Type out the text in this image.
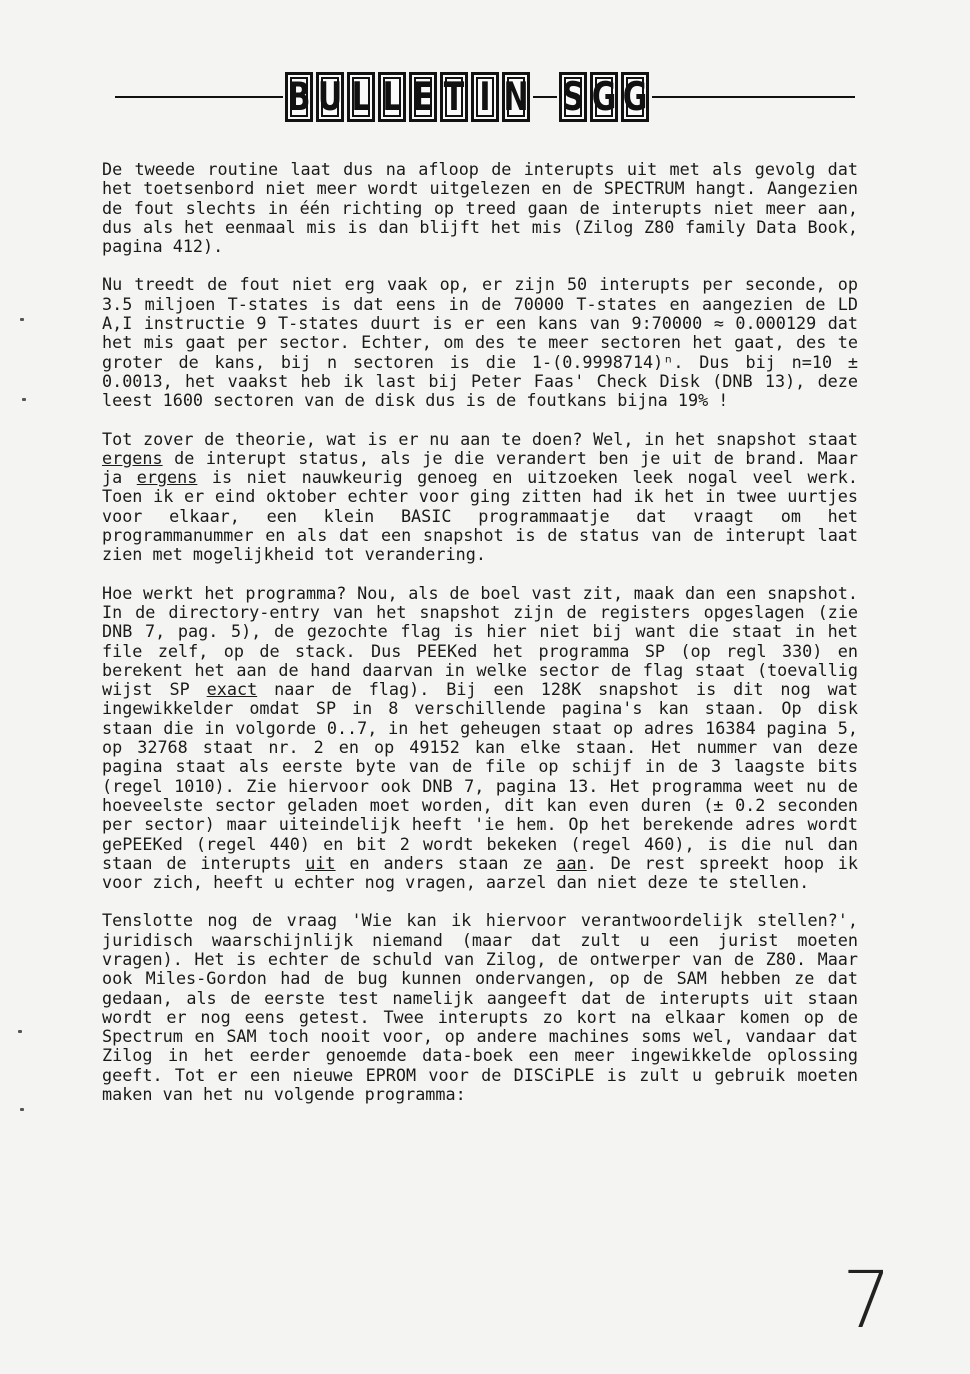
B U L L E T I N S G G

De tweede routine laat dus na afloop de interupts uit met als gevolg dat het toetsenbord niet meer wordt uitgelezen en de SPECTRUM hangt. Aangezien de fout slechts in één richting op treed gaan de interupts niet meer aan, dus als het eenmaal mis is dan blijft het mis (Zilog Z80 family Data Book, pagina 412).

Nu treedt de fout niet erg vaak op, er zijn 50 interupts per seconde, op 3.5 miljoen T-states is dat eens in de 70000 T-states en aangezien de LD A,I instructie 9 T-states duurt is er een kans van 9:70000 ≈ 0.000129 dat het mis gaat per sector. Echter, om des te meer sectoren het gaat, des te groter de kans, bij n sectoren is die 1-(0.9998714)ⁿ. Dus bij n=10 ± 0.0013, het vaakst heb ik last bij Peter Faas' Check Disk (DNB 13), deze leest 1600 sectoren van de disk dus is de foutkans bijna 19% !

Tot zover de theorie, wat is er nu aan te doen? Wel, in het snapshot staat ergens de interupt status, als je die verandert ben je uit de brand. Maar ja ergens is niet nauwkeurig genoeg en uitzoeken leek nogal veel werk. Toen ik er eind oktober echter voor ging zitten had ik het in twee uurtjes voor elkaar, een klein BASIC programmaatje dat vraagt om het programmanummer en als dat een snapshot is de status van de interupt laat zien met mogelijkheid tot verandering.

Hoe werkt het programma? Nou, als de boel vast zit, maak dan een snapshot. In de directory-entry van het snapshot zijn de registers opgeslagen (zie DNB 7, pag. 5), de gezochte flag is hier niet bij want die staat in het file zelf, op de stack. Dus PEEKed het programma SP (op regl 330) en berekent het aan de hand daarvan in welke sector de flag staat (toevallig wijst SP exact naar de flag). Bij een 128K snapshot is dit nog wat ingewikkelder omdat SP in 8 verschillende pagina's kan staan. Op disk staan die in volgorde 0..7, in het geheugen staat op adres 16384 pagina 5, op 32768 staat nr. 2 en op 49152 kan elke staan. Het nummer van deze pagina staat als eerste byte van de file op schijf in de 3 laagste bits (regel 1010). Zie hiervoor ook DNB 7, pagina 13. Het programma weet nu de hoeveelste sector geladen moet worden, dit kan even duren (± 0.2 seconden per sector) maar uiteindelijk heeft 'ie hem. Op het berekende adres wordt gePEEKed (regel 440) en bit 2 wordt bekeken (regel 460), is die nul dan staan de interupts uit en anders staan ze aan. De rest spreekt hoop ik voor zich, heeft u echter nog vragen, aarzel dan niet deze te stellen.

Tenslotte nog de vraag 'Wie kan ik hiervoor verantwoordelijk stellen?', juridisch waarschijnlijk niemand (maar dat zult u een jurist moeten vragen). Het is echter de schuld van Zilog, de ontwerper van de Z80. Maar ook Miles-Gordon had de bug kunnen ondervangen, op de SAM hebben ze dat gedaan, als de eerste test namelijk aangeeft dat de interupts uit staan wordt er nog eens getest. Twee interupts zo kort na elkaar komen op de Spectrum en SAM toch nooit voor, op andere machines soms wel, vandaar dat Zilog in het eerder genoemde data-boek een meer ingewikkelde oplossing geeft. Tot er een nieuwe EPROM voor de DISCiPLE is zult u gebruik moeten maken van het nu volgende programma:

7
